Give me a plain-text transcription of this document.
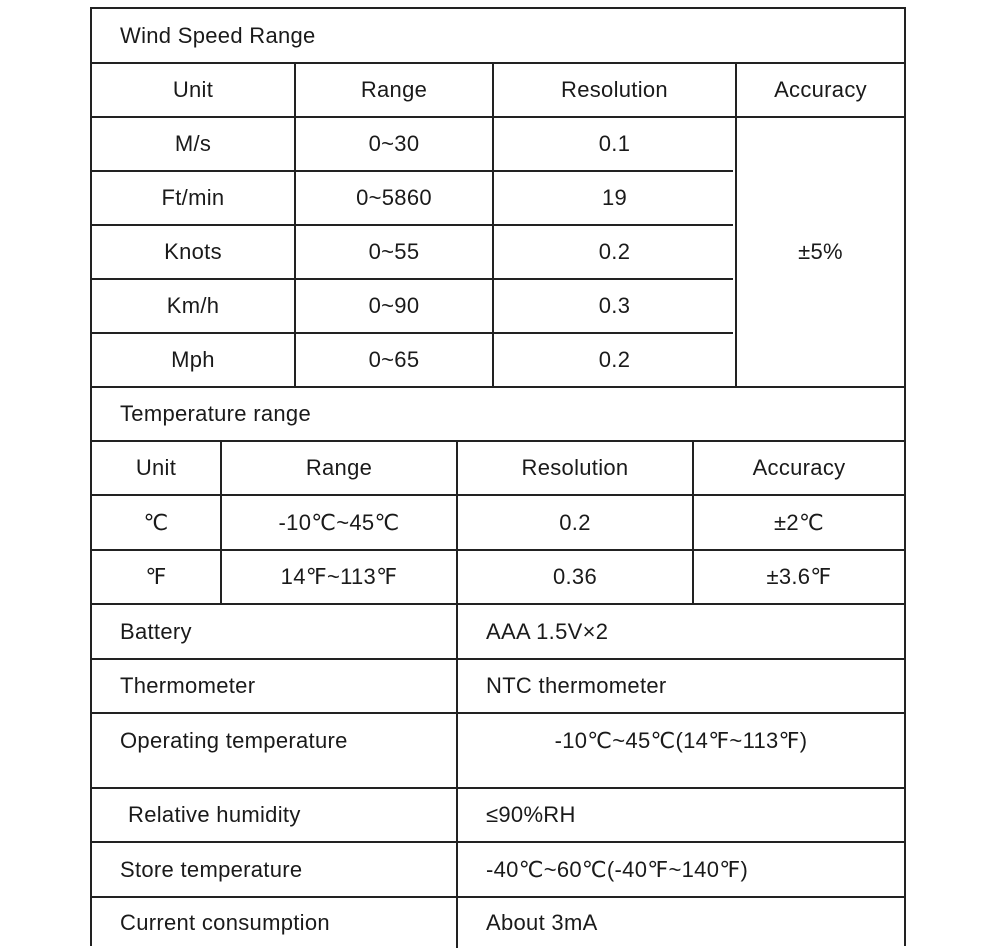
Wind Speed Range
Unit	Range	Resolution	Accuracy
M/s	0~30	0.1
Ft/min	0~5860	19
Knots	0~55	0.2
Km/h	0~90	0.3
Mph	0~65	0.2
±5%
Temperature range
Unit	Range	Resolution	Accuracy
℃	-10℃~45℃	0.2	±2℃
℉	14℉~113℉	0.36	±3.6℉
Battery	AAA 1.5V×2
Thermometer	NTC thermometer
Operating temperature	-10℃~45℃(14℉~113℉)
Relative humidity	≤90%RH
Store temperature	-40℃~60℃(-40℉~140℉)
Current consumption	About 3mA
